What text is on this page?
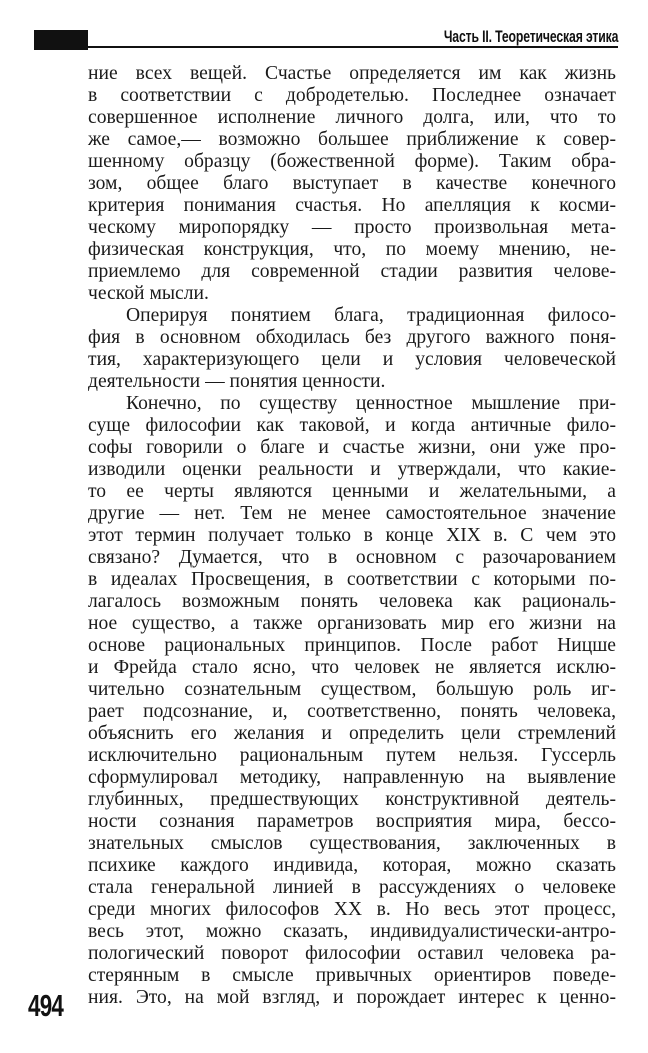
Часть II. Теоретическая этика
ние всех вещей. Счастье определяется им как жизнь
в соответствии с добродетелью. Последнее означает
совершенное исполнение личного долга, или, что то
же самое,— возможно большее приближение к совер-
шенному образцу (божественной форме). Таким обра-
зом, общее благо выступает в качестве конечного
критерия понимания счастья. Но апелляция к косми-
ческому миропорядку — просто произвольная мета-
физическая конструкция, что, по моему мнению, не-
приемлемо для современной стадии развития челове-
ческой мысли.
Оперируя понятием блага, традиционная филосо-
фия в основном обходилась без другого важного поня-
тия, характеризующего цели и условия человеческой
деятельности — понятия ценности.
Конечно, по существу ценностное мышление при-
суще философии как таковой, и когда античные фило-
софы говорили о благе и счастье жизни, они уже про-
изводили оценки реальности и утверждали, что какие-
то ее черты являются ценными и желательными, а
другие — нет. Тем не менее самостоятельное значение
этот термин получает только в конце XIX в. С чем это
связано? Думается, что в основном с разочарованием
в идеалах Просвещения, в соответствии с которыми по-
лагалось возможным понять человека как рациональ-
ное существо, а также организовать мир его жизни на
основе рациональных принципов. После работ Ницше
и Фрейда стало ясно, что человек не является исклю-
чительно сознательным существом, большую роль иг-
рает подсознание, и, соответственно, понять человека,
объяснить его желания и определить цели стремлений
исключительно рациональным путем нельзя. Гуссерль
сформулировал методику, направленную на выявление
глубинных, предшествующих конструктивной деятель-
ности сознания параметров восприятия мира, бессо-
знательных смыслов существования, заключенных в
психике каждого индивида, которая, можно сказать
стала генеральной линией в рассуждениях о человеке
среди многих философов XX в. Но весь этот процесс,
весь этот, можно сказать, индивидуалистически-антро-
пологический поворот философии оставил человека ра-
стерянным в смысле привычных ориентиров поведе-
ния. Это, на мой взгляд, и порождает интерес к ценно-
494
